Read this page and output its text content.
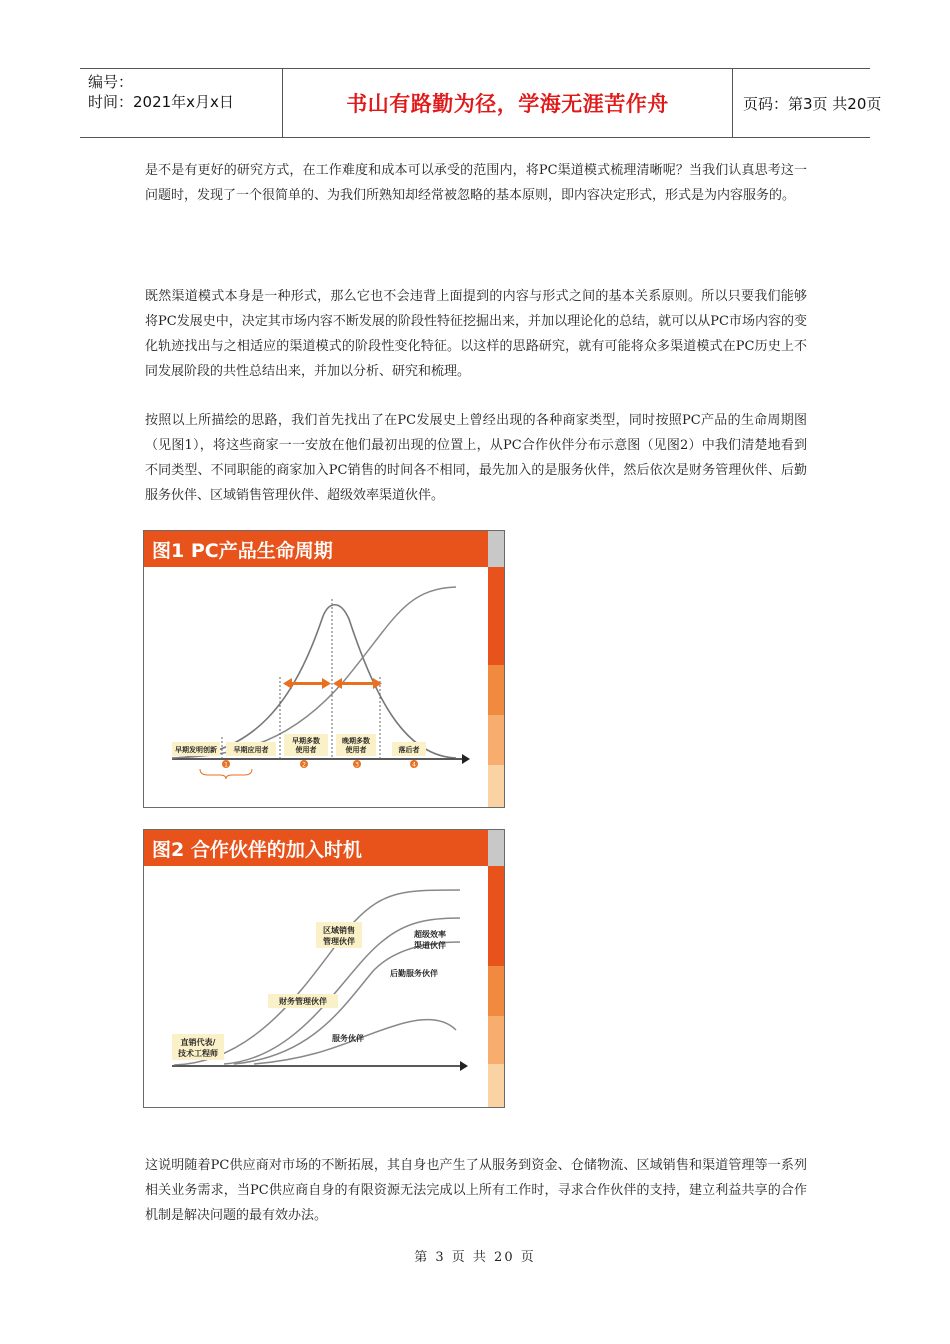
编号：
时间：2021年x月x日	书山有路勤为径，学海无涯苦作舟	页码：第3页 共20页

是不是有更好的研究方式，在工作难度和成本可以承受的范围内，将PC渠道模式梳理清晰呢？当我们认真思考这一问题时，发现了一个很简单的、为我们所熟知却经常被忽略的基本原则，即内容决定形式，形式是为内容服务的。

既然渠道模式本身是一种形式，那么它也不会违背上面提到的内容与形式之间的基本关系原则。所以只要我们能够将PC发展史中，决定其市场内容不断发展的阶段性特征挖掘出来，并加以理论化的总结，就可以从PC市场内容的变化轨迹找出与之相适应的渠道模式的阶段性变化特征。以这样的思路研究，就有可能将众多渠道模式在PC历史上不同发展阶段的共性总结出来，并加以分析、研究和梳理。

按照以上所描绘的思路，我们首先找出了在PC发展史上曾经出现的各种商家类型，同时按照PC产品的生命周期图（见图1），将这些商家一一安放在他们最初出现的位置上，从PC合作伙伴分布示意图（见图2）中我们清楚地看到不同类型、不同职能的商家加入PC销售的时间各不相同，最先加入的是服务伙伴，然后依次是财务管理伙伴、后勤服务伙伴、区域销售管理伙伴、超级效率渠道伙伴。

图1 PC产品生命周期
早期发明创新 早期应用者
早期多数
使用者
晚期多数
使用者	落后者
1	2	3	4
图2 合作伙伴的加入时机
区域销售
管理伙伴
超级效率
渠道伙伴
后勤服务伙伴
财务管理伙伴
直销代表/
技术工程师
服务伙伴

这说明随着PC供应商对市场的不断拓展，其自身也产生了从服务到资金、仓储物流、区域销售和渠道管理等一系列相关业务需求，当PC供应商自身的有限资源无法完成以上所有工作时，寻求合作伙伴的支持，建立利益共享的合作机制是解决问题的最有效办法。

第 3 页 共 20 页
